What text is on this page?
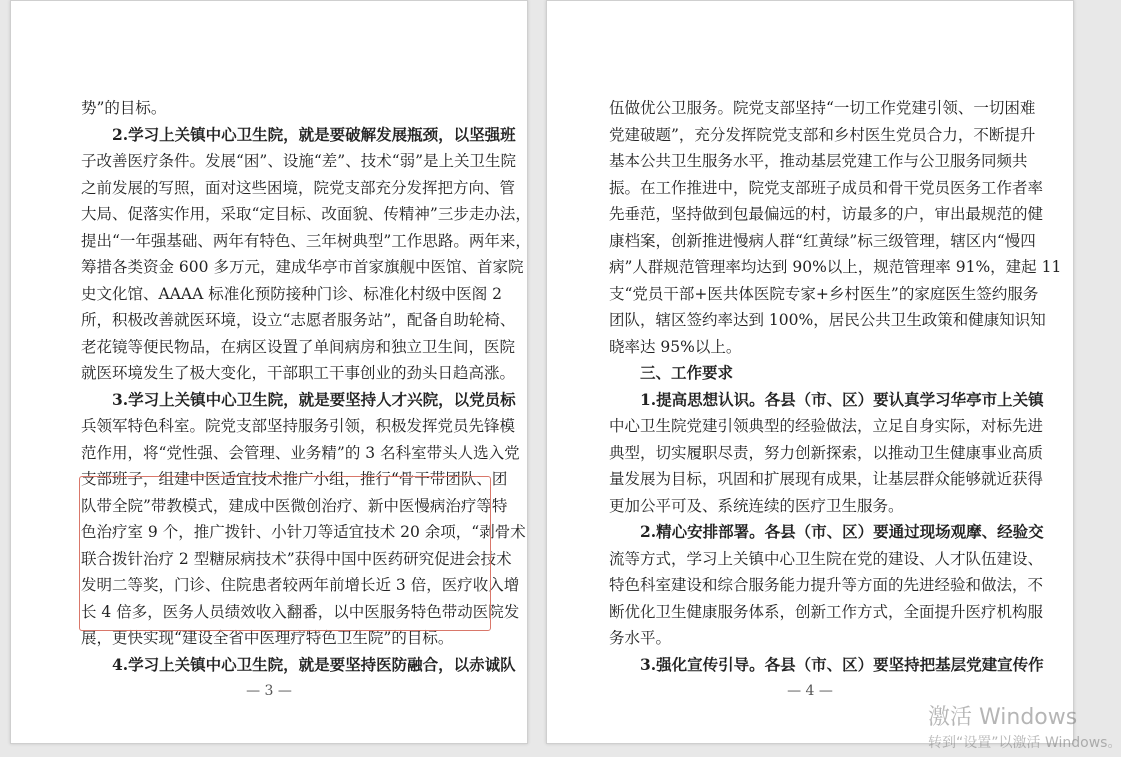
势”的目标。
2.学习上关镇中心卫生院，就是要破解发展瓶颈，以坚强班
子改善医疗条件。发展“困”、设施“差”、技术“弱”是上关卫生院
之前发展的写照，面对这些困境，院党支部充分发挥把方向、管
大局、促落实作用，采取“定目标、改面貌、传精神”三步走办法，
提出“一年强基础、两年有特色、三年树典型”工作思路。两年来，
筹措各类资金 600 多万元，建成华亭市首家旗舰中医馆、首家院
史文化馆、AAAA 标准化预防接种门诊、标准化村级中医阁 2
所，积极改善就医环境，设立“志愿者服务站”，配备自助轮椅、
老花镜等便民物品，在病区设置了单间病房和独立卫生间，医院
就医环境发生了极大变化，干部职工干事创业的劲头日趋高涨。
3.学习上关镇中心卫生院，就是要坚持人才兴院，以党员标
兵领军特色科室。院党支部坚持服务引领，积极发挥党员先锋模
范作用，将“党性强、会管理、业务精”的 3 名科室带头人选入党
支部班子，组建中医适宜技术推广小组，推行“骨干带团队、团
队带全院”带教模式，建成中医微创治疗、新中医慢病治疗等特
色治疗室 9 个，推广拨针、小针刀等适宜技术 20 余项，“剥骨术
联合拨针治疗 2 型糖尿病技术”获得中国中医药研究促进会技术
发明二等奖，门诊、住院患者较两年前增长近 3 倍，医疗收入增
长 4 倍多，医务人员绩效收入翻番，以中医服务特色带动医院发
展，更快实现“建设全省中医理疗特色卫生院”的目标。
4.学习上关镇中心卫生院，就是要坚持医防融合，以赤诚队
— 3 —
伍做优公卫服务。院党支部坚持“一切工作党建引领、一切困难
党建破题”，充分发挥院党支部和乡村医生党员合力，不断提升
基本公共卫生服务水平，推动基层党建工作与公卫服务同频共
振。在工作推进中，院党支部班子成员和骨干党员医务工作者率
先垂范，坚持做到包最偏远的村，访最多的户，审出最规范的健
康档案，创新推进慢病人群“红黄绿”标三级管理，辖区内“慢四
病”人群规范管理率均达到 90%以上，规范管理率 91%，建起 11
支“党员干部+医共体医院专家+乡村医生”的家庭医生签约服务
团队，辖区签约率达到 100%，居民公共卫生政策和健康知识知
晓率达 95%以上。
三、工作要求
1.提高思想认识。各县（市、区）要认真学习华亭市上关镇
中心卫生院党建引领典型的经验做法，立足自身实际，对标先进
典型，切实履职尽责，努力创新探索，以推动卫生健康事业高质
量发展为目标，巩固和扩展现有成果，让基层群众能够就近获得
更加公平可及、系统连续的医疗卫生服务。
2.精心安排部署。各县（市、区）要通过现场观摩、经验交
流等方式，学习上关镇中心卫生院在党的建设、人才队伍建设、
特色科室建设和综合服务能力提升等方面的先进经验和做法，不
断优化卫生健康服务体系，创新工作方式，全面提升医疗机构服
务水平。
3.强化宣传引导。各县（市、区）要坚持把基层党建宣传作
— 4 —
激活 Windows
转到“设置”以激活 Windows。
